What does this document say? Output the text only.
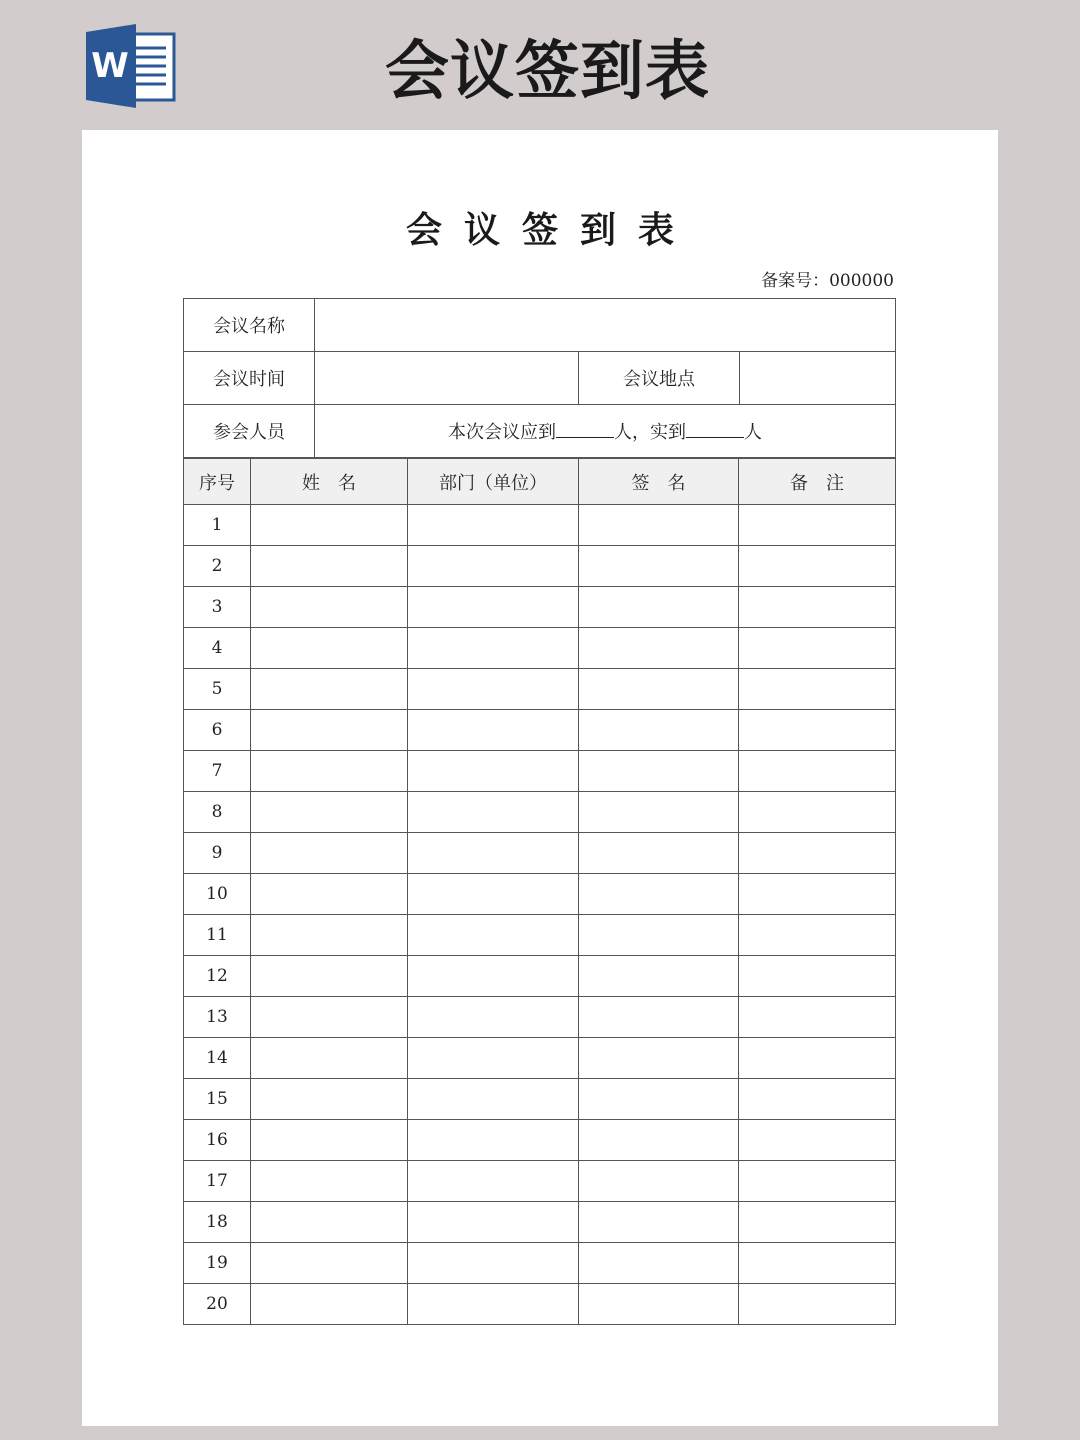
W	会议签到表
会议签到表
备案号：000000
会议名称			
会议时间		会议地点	
参会人员	本次会议应到 人，实到 人		
序号	姓　名	部门（单位）	签　名	备　注
1				
2				
3				
4				
5				
6				
7				
8				
9				
10				
11				
12				
13				
14				
15				
16				
17				
18				
19				
20				
